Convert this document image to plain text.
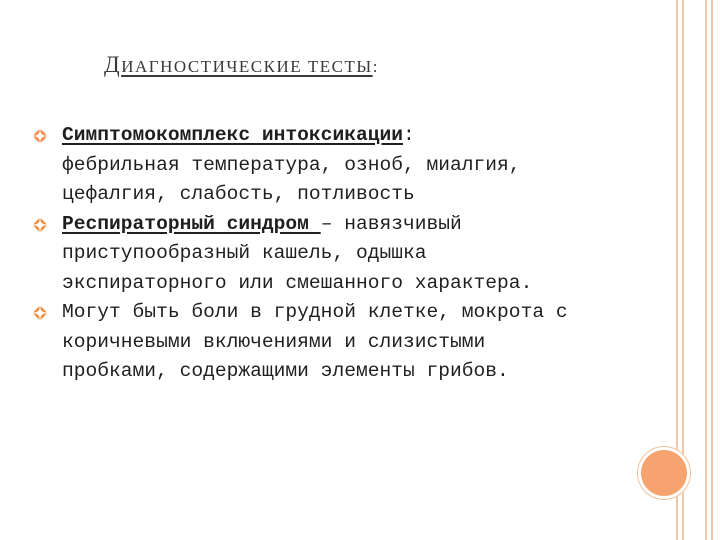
ДИАГНОСТИЧЕСКИЕ ТЕСТЫ:
Симптомокомплекс интоксикации:
фебрильная температура, озноб, миалгия,
цефалгия, слабость, потливость
Респираторный синдром – навязчивый
приступообразный кашель, одышка
экспираторного или смешанного характера.
Могут быть боли в грудной клетке, мокрота с
коричневыми включениями и слизистыми
пробками, содержащими элементы грибов.
